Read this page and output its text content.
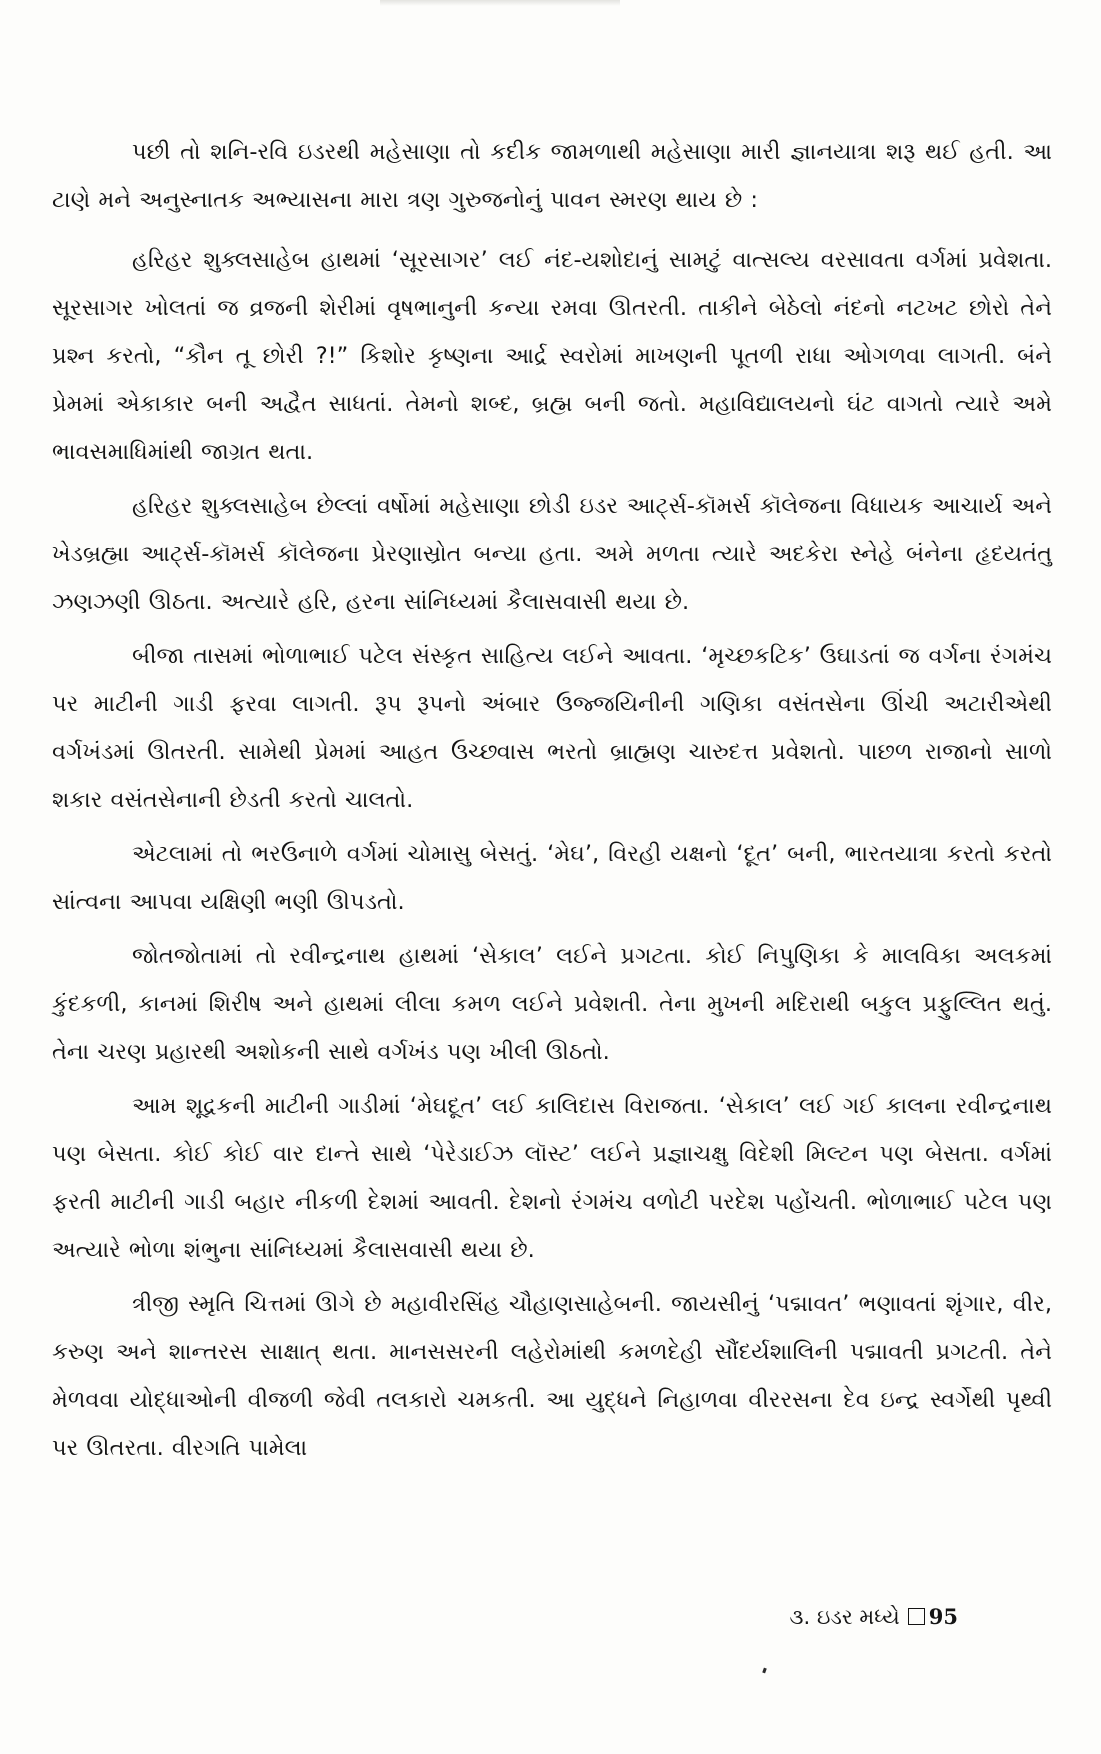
પછી તો શનિ-રવિ ઇડરથી મહેસાણા તો કદીક જામળાથી મહેસાણા મારી જ્ઞાનયાત્રા શરૂ થઈ હતી. આ ટાણે મને અનુસ્નાતક અભ્યાસના મારા ત્રણ ગુરુજનોનું પાવન સ્મરણ થાય છે :

હરિહર શુક્લસાહેબ હાથમાં ‘સૂરસાગર’ લઈ નંદ-યશોદાનું સામટું વાત્સલ્ય વરસાવતા વર્ગમાં પ્રવેશતા. સૂરસાગર ખોલતાં જ વ્રજની શેરીમાં વૃષભાનુની કન્યા રમવા ઊતરતી. તાકીને બેઠેલો નંદનો નટખટ છોરો તેને પ્રશ્ન કરતો, “કૌન તૂ છોરી ?!” કિશોર કૃષ્ણના આર્દ્ર સ્વરોમાં માખણની પૂતળી રાધા ઓગળવા લાગતી. બંને પ્રેમમાં એકાકાર બની અદ્વૈત સાધતાં. તેમનો શબ્દ, બ્રહ્મ બની જતો. મહાવિદ્યાલયનો ઘંટ વાગતો ત્યારે અમે ભાવસમાધિમાંથી જાગ્રત થતા.

હરિહર શુક્લસાહેબ છેલ્લાં વર્ષોમાં મહેસાણા છોડી ઇડર આર્ટ્સ-કૉમર્સ કૉલેજના વિધાયક આચાર્ય અને ખેડબ્રહ્મા આર્ટ્સ-કૉમર્સ કૉલેજના પ્રેરણાસ્રોત બન્યા હતા. અમે મળતા ત્યારે અદકેરા સ્નેહે બંનેના હૃદયતંતુ ઝણઝણી ઊઠતા. અત્યારે હરિ, હરના સાંનિધ્યમાં કૈલાસવાસી થયા છે.

બીજા તાસમાં ભોળાભાઈ પટેલ સંસ્કૃત સાહિત્ય લઈને આવતા. ‘મૃચ્છકટિક’ ઉઘાડતાં જ વર્ગના રંગમંચ પર માટીની ગાડી ફરવા લાગતી. રૂપ રૂપનો અંબાર ઉજ્જયિનીની ગણિકા વસંતસેના ઊંચી અટારીએથી વર્ગખંડમાં ઊતરતી. સામેથી પ્રેમમાં આહત ઉચ્છ્વાસ ભરતો બ્રાહ્મણ ચારુદત્ત પ્રવેશતો. પાછળ રાજાનો સાળો શકાર વસંતસેનાની છેડતી કરતો ચાલતો.

એટલામાં તો ભરઉનાળે વર્ગમાં ચોમાસુ બેસતું. ‘મેઘ’, વિરહી યક્ષનો ‘દૂત’ બની, ભારતયાત્રા કરતો કરતો સાંત્વના આપવા યક્ષિણી ભણી ઊપડતો.

જોતજોતામાં તો રવીન્દ્રનાથ હાથમાં ‘સેકાલ’ લઈને પ્રગટતા. કોઈ નિપુણિકા કે માલવિકા અલકમાં કુંદકળી, કાનમાં શિરીષ અને હાથમાં લીલા કમળ લઈને પ્રવેશતી. તેના મુખની મદિરાથી બકુલ પ્રફુલ્લિત થતું. તેના ચરણ પ્રહારથી અશોકની સાથે વર્ગખંડ પણ ખીલી ઊઠતો.

આમ શૂદ્રકની માટીની ગાડીમાં ‘મેઘદૂત’ લઈ કાલિદાસ વિરાજતા. ‘સેકાલ’ લઈ ગઈ કાલના રવીન્દ્રનાથ પણ બેસતા. કોઈ કોઈ વાર દાન્તે સાથે ‘પેરેડાઈઝ લૉસ્ટ’ લઈને પ્રજ્ઞાચક્ષુ વિદેશી મિલ્ટન પણ બેસતા. વર્ગમાં ફરતી માટીની ગાડી બહાર નીકળી દેશમાં આવતી. દેશનો રંગમંચ વળોટી પરદેશ પહોંચતી. ભોળાભાઈ પટેલ પણ અત્યારે ભોળા શંભુના સાંનિધ્યમાં કૈલાસવાસી થયા છે.

ત્રીજી સ્મૃતિ ચિત્તમાં ઊગે છે મહાવીરસિંહ ચૌહાણસાહેબની. જાયસીનું ‘પદ્માવત’ ભણાવતાં શૃંગાર, વીર, કરુણ અને શાન્તરસ સાક્ષાત્ થતા. માનસસરની લહેરોમાંથી કમળદેહી સૌંદર્યશાલિની પદ્માવતી પ્રગટતી. તેને મેળવવા યોદ્ધાઓની વીજળી જેવી તલકારો ચમકતી. આ યુદ્ધને નિહાળવા વીરરસના દેવ ઇન્દ્ર સ્વર્ગેથી પૃથ્વી પર ઊતરતા. વીરગતિ પામેલા

૩. ઇડર મધ્યે 95
